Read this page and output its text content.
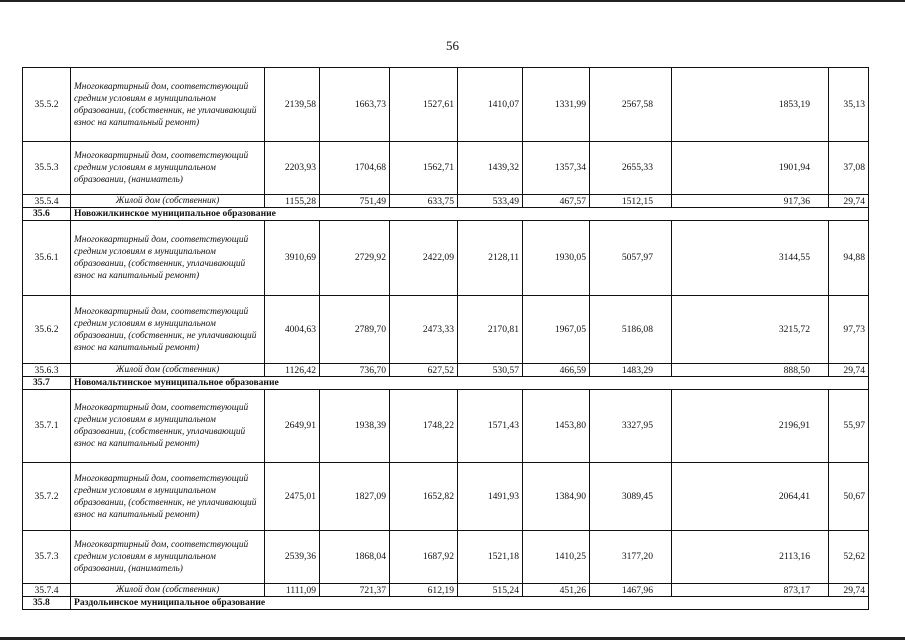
56
35.5.2	Многоквартирный дом, соответствующий средним условиям в муниципальном образовании, (собственник, не уплачивающий взнос на капитальный ремонт)	2139,58	1663,73	1527,61	1410,07	1331,99	2567,58	1853,19	35,13
35.5.3	Многоквартирный дом, соответствующий средним условиям в муниципальном образовании, (наниматель)	2203,93	1704,68	1562,71	1439,32	1357,34	2655,33	1901,94	37,08
35.5.4	Жилой дом (собственник)	1155,28	751,49	633,75	533,49	467,57	1512,15	917,36	29,74
35.6	Новожилкинское муниципальное образование								
35.6.1	Многоквартирный дом, соответствующий средним условиям в муниципальном образовании, (собственник, уплачивающий взнос на капитальный ремонт)	3910,69	2729,92	2422,09	2128,11	1930,05	5057,97	3144,55	94,88
35.6.2	Многоквартирный дом, соответствующий средним условиям в муниципальном образовании, (собственник, не уплачивающий взнос на капитальный ремонт)	4004,63	2789,70	2473,33	2170,81	1967,05	5186,08	3215,72	97,73
35.6.3	Жилой дом (собственник)	1126,42	736,70	627,52	530,57	466,59	1483,29	888,50	29,74
35.7	Новомальтинское муниципальное образование								
35.7.1	Многоквартирный дом, соответствующий средним условиям в муниципальном образовании, (собственник, уплачивающий взнос на капитальный ремонт)	2649,91	1938,39	1748,22	1571,43	1453,80	3327,95	2196,91	55,97
35.7.2	Многоквартирный дом, соответствующий средним условиям в муниципальном образовании, (собственник, не уплачивающий взнос на капитальный ремонт)	2475,01	1827,09	1652,82	1491,93	1384,90	3089,45	2064,41	50,67
35.7.3	Многоквартирный дом, соответствующий средним условиям в муниципальном образовании, (наниматель)	2539,36	1868,04	1687,92	1521,18	1410,25	3177,20	2113,16	52,62
35.7.4	Жилой дом (собственник)	1111,09	721,37	612,19	515,24	451,26	1467,96	873,17	29,74
35.8	Раздольинское муниципальное образование								
